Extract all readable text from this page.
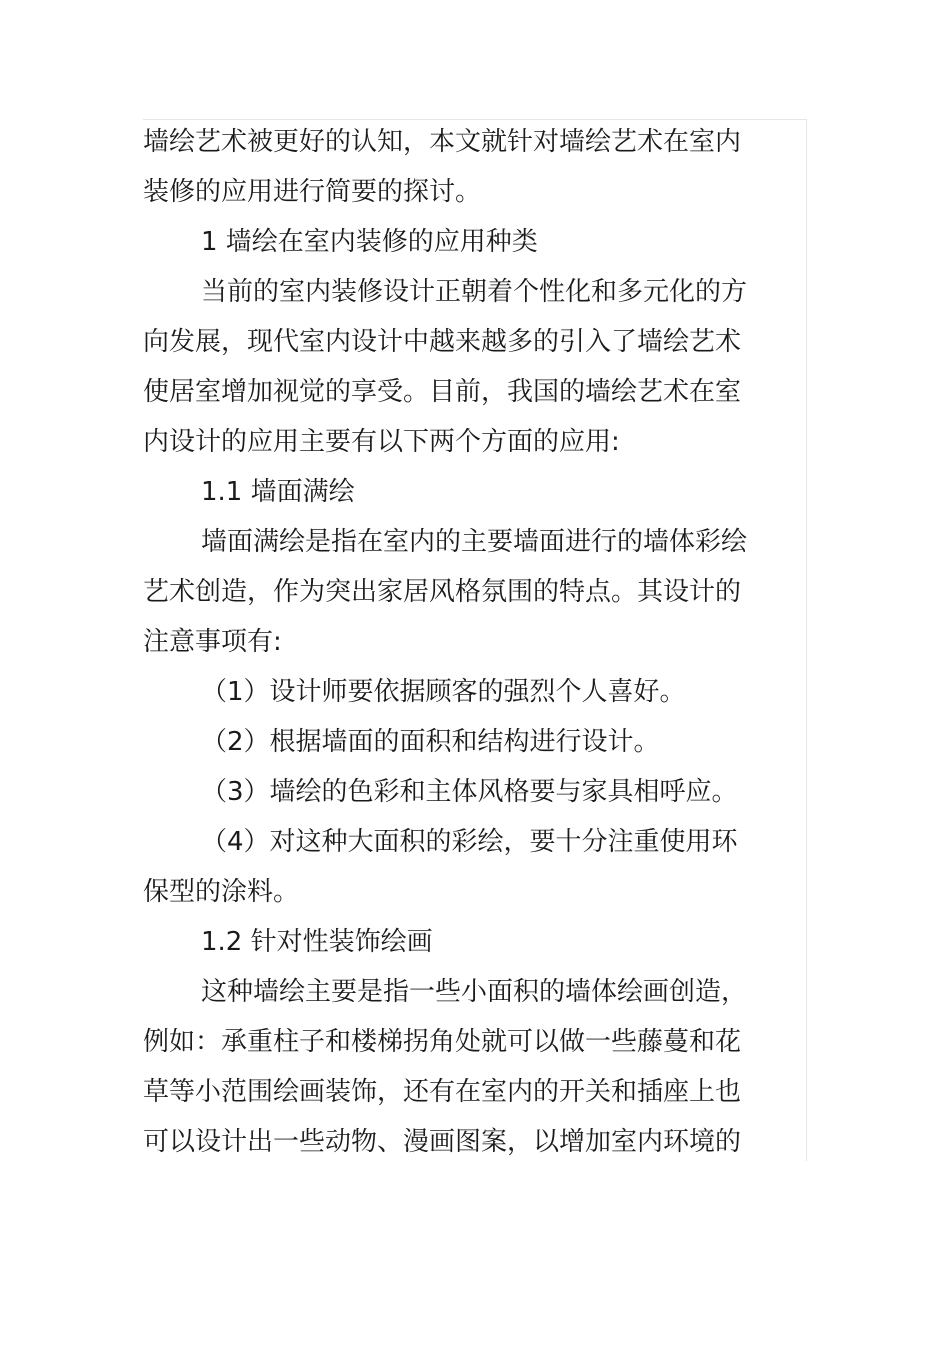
墙绘艺术被更好的认知，本文就针对墙绘艺术在室内
装修的应用进行简要的探讨。
1 墙绘在室内装修的应用种类
当前的室内装修设计正朝着个性化和多元化的方
向发展，现代室内设计中越来越多的引入了墙绘艺术
使居室增加视觉的享受。目前，我国的墙绘艺术在室
内设计的应用主要有以下两个方面的应用:
1.1 墙面满绘
墙面满绘是指在室内的主要墙面进行的墙体彩绘
艺术创造，作为突出家居风格氛围的特点。其设计的
注意事项有:
（1）设计师要依据顾客的强烈个人喜好。
（2）根据墙面的面积和结构进行设计。
（3）墙绘的色彩和主体风格要与家具相呼应。
（4）对这种大面积的彩绘，要十分注重使用环
保型的涂料。
1.2 针对性装饰绘画
这种墙绘主要是指一些小面积的墙体绘画创造，
例如：承重柱子和楼梯拐角处就可以做一些藤蔓和花
草等小范围绘画装饰，还有在室内的开关和插座上也
可以设计出一些动物、漫画图案，以增加室内环境的
